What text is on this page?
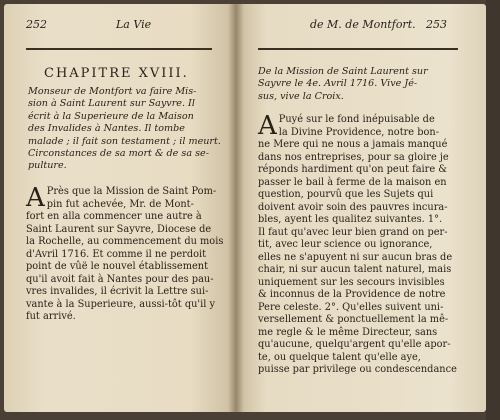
252	La Vie
CHAPITRE XVIII.
Monseur de Montfort va faire Mis-
sion à Saint Laurent sur Sayvre. Il
écrit à la Superieure de la Maison
des Invalides à Nantes. Il tombe
malade ; il fait son testament ; il meurt.
Circonstances de sa mort & de sa se-
pulture.
A Près que la Mission de Saint Pom-
pin fut achevée, Mr. de Mont-
fort en alla commencer une autre à
Saint Laurent sur Sayvre, Diocese de
la Rochelle, au commencement du mois
d'Avril 1716. Et comme il ne perdoit
point de vûë le nouvel établissement
qu'il avoit fait à Nantes pour des pau-
vres invalides, il écrivit la Lettre sui-
vante à la Superieure, aussi-tôt qu'il y
fut arrivé.
de M. de Montfort. 253
De la Mission de Saint Laurent sur
Sayvre le 4e. Avril 1716. Vive Jé-
sus, vive la Croix.
A Puyé sur le fond inépuisable de
la Divine Providence, notre bon-
ne Mere qui ne nous a jamais manqué
dans nos entreprises, pour sa gloire je
réponds hardiment qu'on peut faire &
passer le bail à ferme de la maison en
question, pourvû que les Sujets qui
doivent avoir soin des pauvres incura-
bles, ayent les qualitez suivantes. 1°.
Il faut qu'avec leur bien grand on per-
tit, avec leur science ou ignorance,
elles ne s'apuyent ni sur aucun bras de
chair, ni sur aucun talent naturel, mais
uniquement sur les secours invisibles
& inconnus de la Providence de notre
Pere celeste. 2°. Qu'elles suivent uni-
versellement & ponctuellement la mê-
me regle & le même Directeur, sans
qu'aucune, quelqu'argent qu'elle apor-
te, ou quelque talent qu'elle aye,
puisse par privilege ou condescendance
